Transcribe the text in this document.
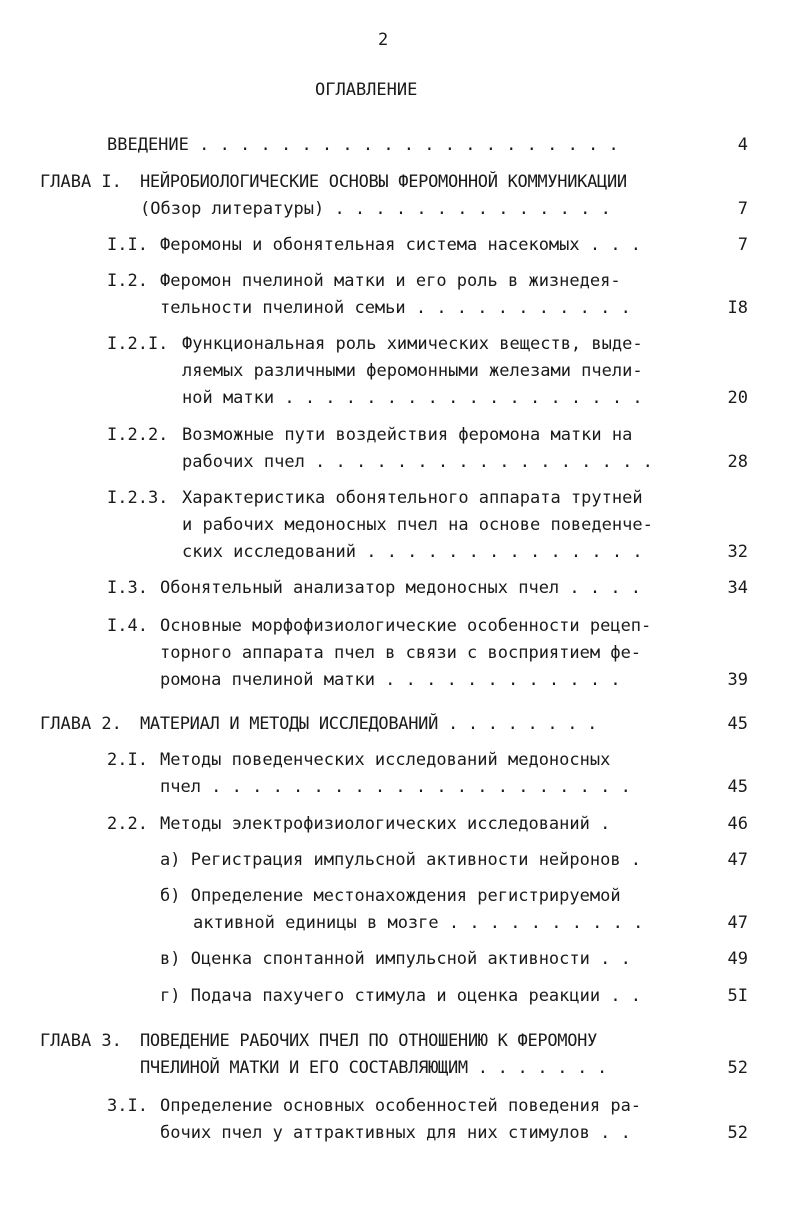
2
ОГЛАВЛЕНИЕ
ВВЕДЕНИЕ . . . . . . . . . . . . . . . . . . . . .	4
ГЛАВА I. НЕЙРОБИОЛОГИЧЕСКИЕ ОСНОВЫ ФЕРОМОННОЙ КОММУНИКАЦИИ
(Обзор литературы) . . . . . . . . . . . . . .	7
I.I. Феромоны и обонятельная система насекомых . . .	7
I.2. Феромон пчелиной матки и его роль в жизнедея-
тельности пчелиной семьи . . . . . . . . . . .	I8
I.2.I. Функциональная роль химических веществ, выде-
ляемых различными феромонными железами пчели-
ной матки . . . . . . . . . . . . . . . . . .	20
I.2.2. Возможные пути воздействия феромона матки на
рабочих пчел . . . . . . . . . . . . . . . . .	28
I.2.3. Характеристика обонятельного аппарата трутней
и рабочих медоносных пчел на основе поведенче-
ских исследований . . . . . . . . . . . . . .	32
I.3. Обонятельный анализатор медоносных пчел . . . .	34
I.4. Основные морфофизиологические особенности рецеп-
торного аппарата пчел в связи с восприятием фе-
ромона пчелиной матки . . . . . . . . . . . .	39
ГЛАВА 2. МАТЕРИАЛ И МЕТОДЫ ИССЛЕДОВАНИЙ . . . . . . . .	45
2.I. Методы поведенческих исследований медоносных
пчел . . . . . . . . . . . . . . . . . . . . .	45
2.2. Методы электрофизиологических исследований .	46
а) Регистрация импульсной активности нейронов .	47
б) Определение местонахождения регистрируемой
активной единицы в мозге . . . . . . . . . .	47
в) Оценка спонтанной импульсной активности . .	49
г) Подача пахучего стимула и оценка реакции . .	5I
ГЛАВА 3. ПОВЕДЕНИЕ РАБОЧИХ ПЧЕЛ ПО ОТНОШЕНИЮ К ФЕРОМОНУ
ПЧЕЛИНОЙ МАТКИ И ЕГО СОСТАВЛЯЮЩИМ . . . . . . .	52
3.I. Определение основных особенностей поведения ра-
бочих пчел у аттрактивных для них стимулов . .	52
